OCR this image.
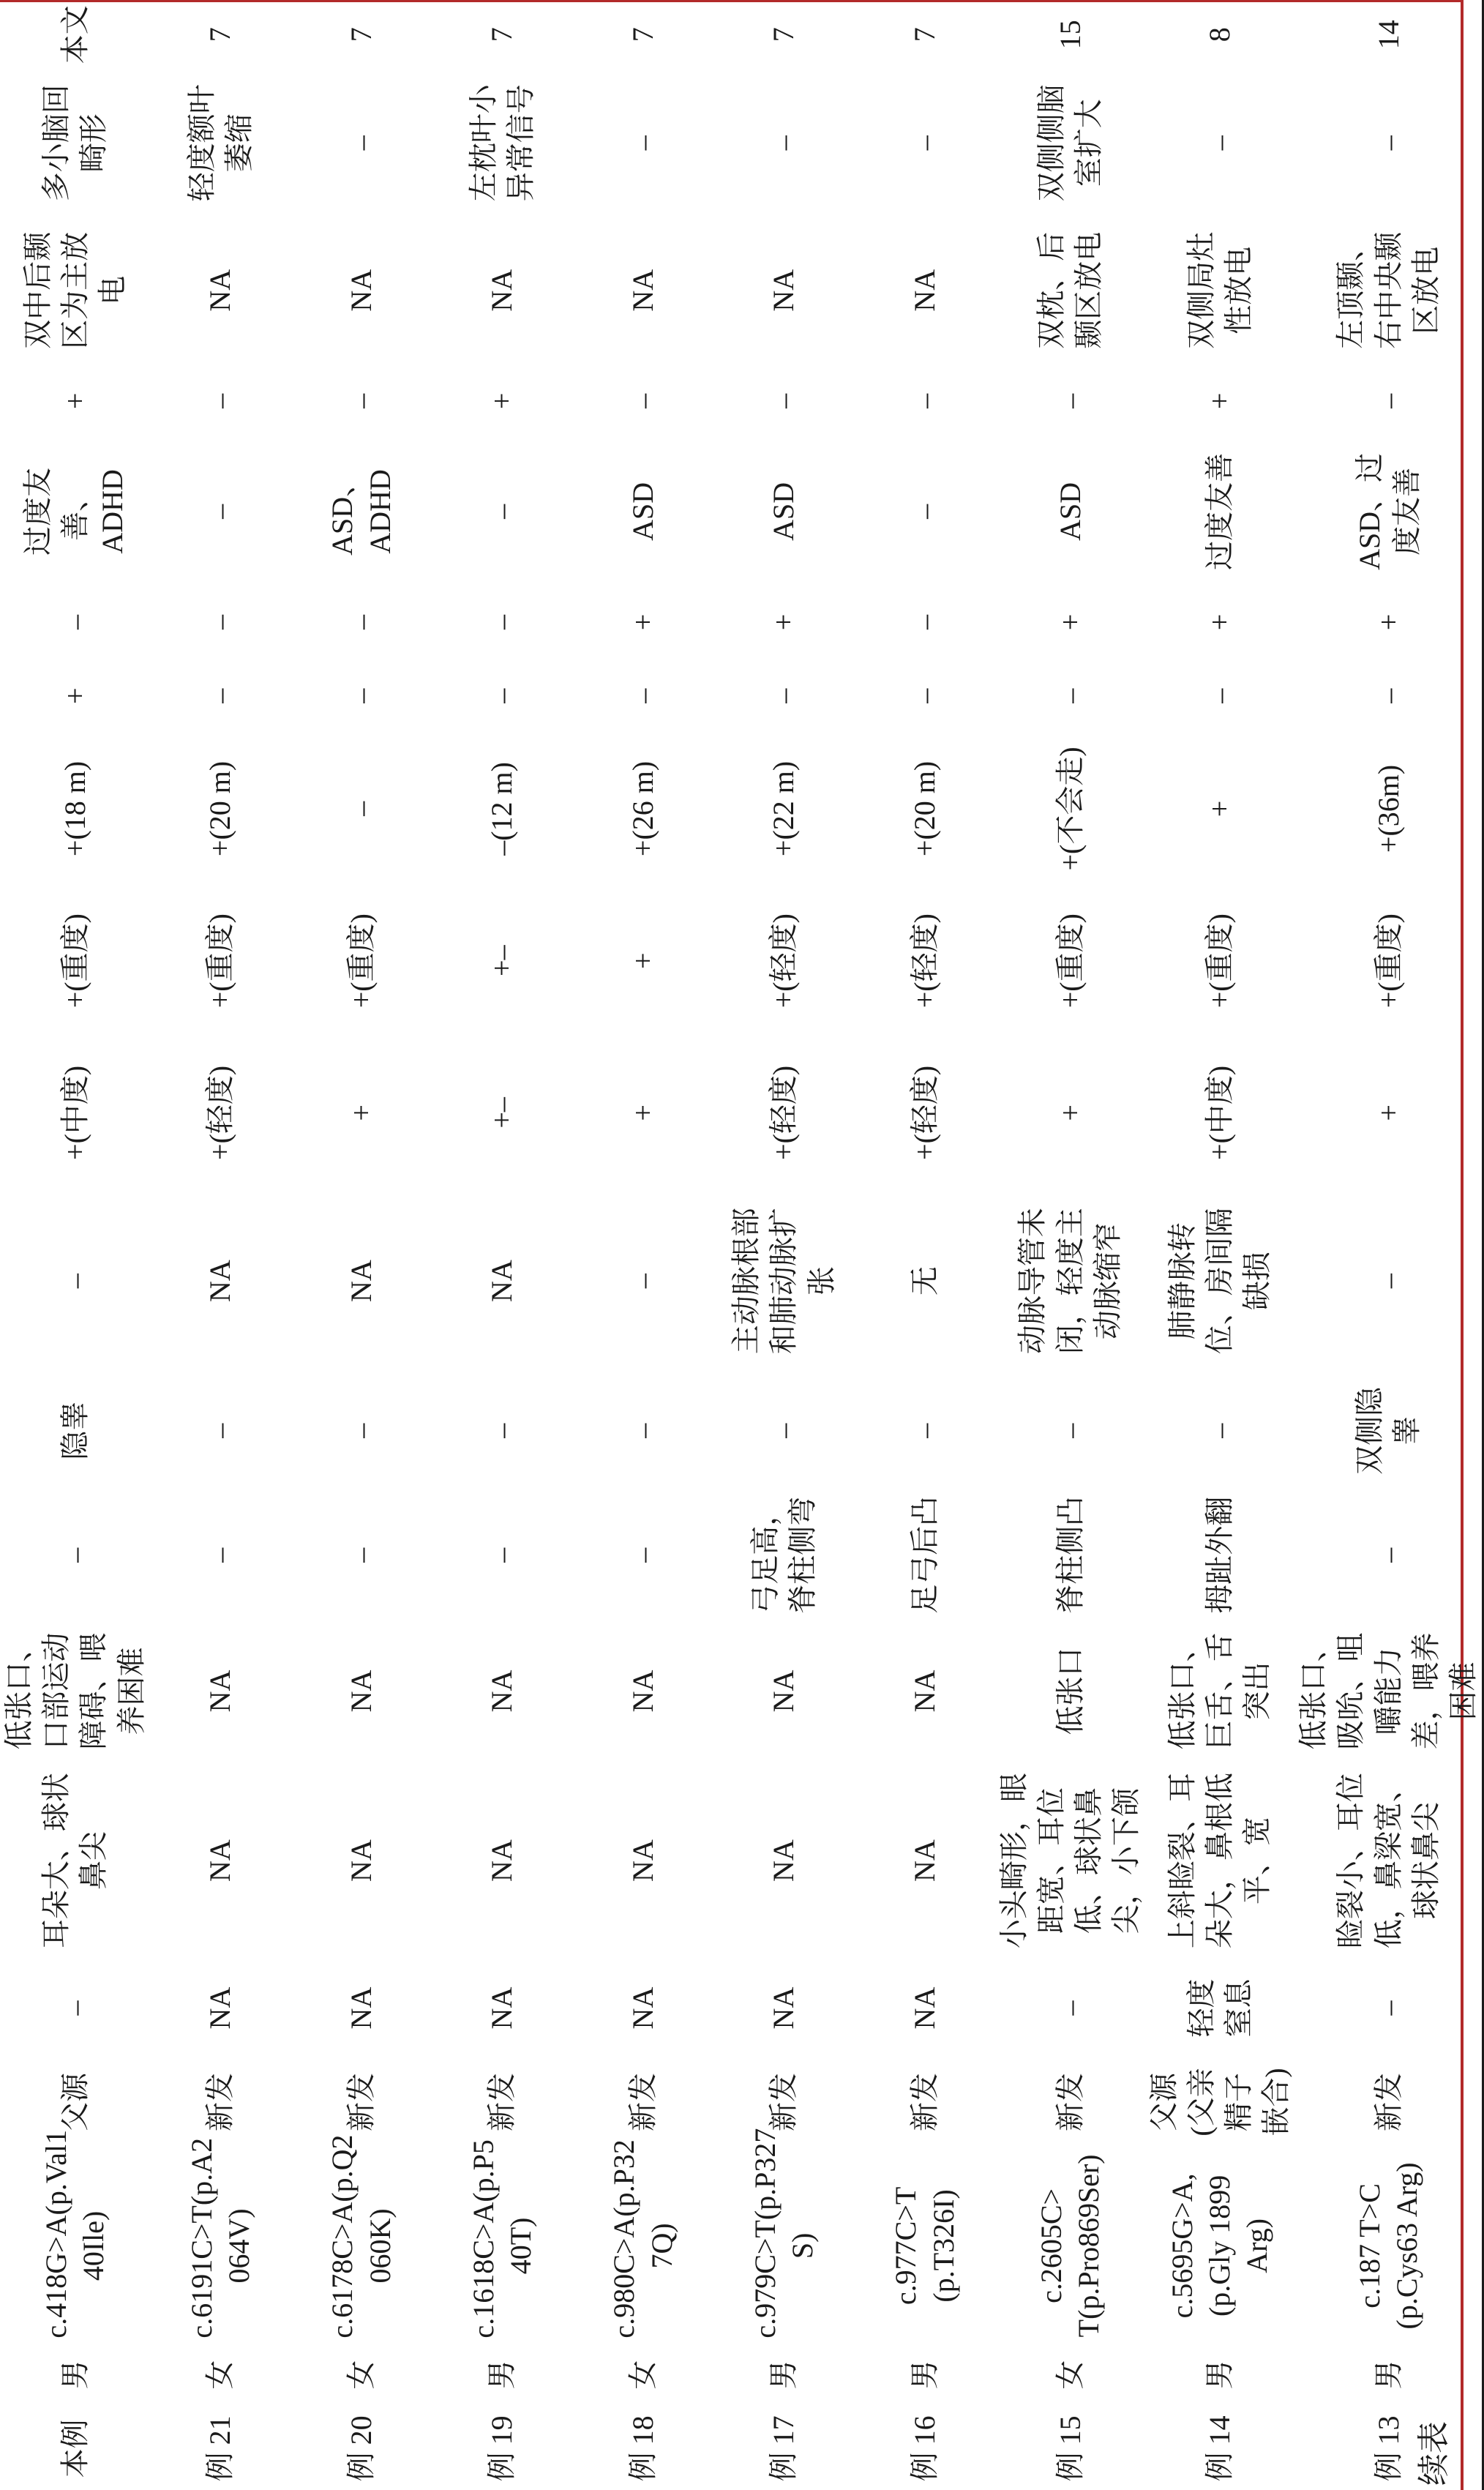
本例	男	c.418G>A(p.Val1 40Ile)	父源	–	耳朵大、球状鼻尖	低张口、口部运动障碍、喂养困难	–	隐睾	–	+(中度)	+(重度)	+(18 m)	+	–	过度友善、ADHD	+	双中后颞区为主放电	多小脑回畸形	本文
例 21	女	c.6191C>T(p.A2 064V)	新发	NA	NA	NA	–	–	NA	+(轻度)	+(重度)	+(20 m)	–	–	–	–	NA	轻度额叶萎缩	7
例 20	女	c.6178C>A(p.Q2 060K)	新发	NA	NA	NA	–	–	NA	+	+(重度)	–	–	–	ASD、ADHD	–	NA	–	7
例 19	男	c.1618C>A(p.P5 40T)	新发	NA	NA	NA	–	–	NA	+–	+–	–(12 m)	–	–	–	+	NA	左枕叶小异常信号	7
例 18	女	c.980C>A(p.P32 7Q)	新发	NA	NA	NA	–	–	–	+	+	+(26 m)	–	+	ASD	–	NA	–	7
例 17	男	c.979C>T(p.P327 S)	新发	NA	NA	NA	弓足高，脊柱侧弯	–	主动脉根部和肺动脉扩张	+(轻度)	+(轻度)	+(22 m)	–	+	ASD	–	NA	–	7
例 16	男	c.977C>T (p.T326I)	新发	NA	NA	NA	足弓后凸	–	无	+(轻度)	+(轻度)	+(20 m)	–	–	–	–	NA	–	7
例 15	女	c.2605C> T(p.Pro869Ser)	新发	–	小头畸形，眼距宽、耳位低、球状鼻尖，小下颌	低张口	脊柱侧凸	–	动脉导管未闭，轻度主动脉缩窄	+	+(重度)	+(不会走)	–	+	ASD	–	双枕、后颞区放电	双侧侧脑室扩大	15
例 14	男	c.5695G>A, (p.Gly 1899 Arg)	父源(父亲精子嵌合)	轻度窒息	上斜睑裂、耳朵大，鼻根低平、宽	低张口、巨舌、舌突出	拇趾外翻	–	肺静脉转位、房间隔缺损	+(中度)	+(重度)	+	–	+	过度友善	+	双侧局灶性放电	–	8
例 13	男	c.187 T>C (p.Cys63 Arg)	新发	–	睑裂小、耳位低，鼻梁宽、球状鼻尖	低张口、吸吮、咀嚼能力差，喂养困难	–	双侧隐睾	–	+	+(重度)	+(36m)	–	+	ASD、过度友善	–	左顶颞、右中央颞区放电	–	14
续表
